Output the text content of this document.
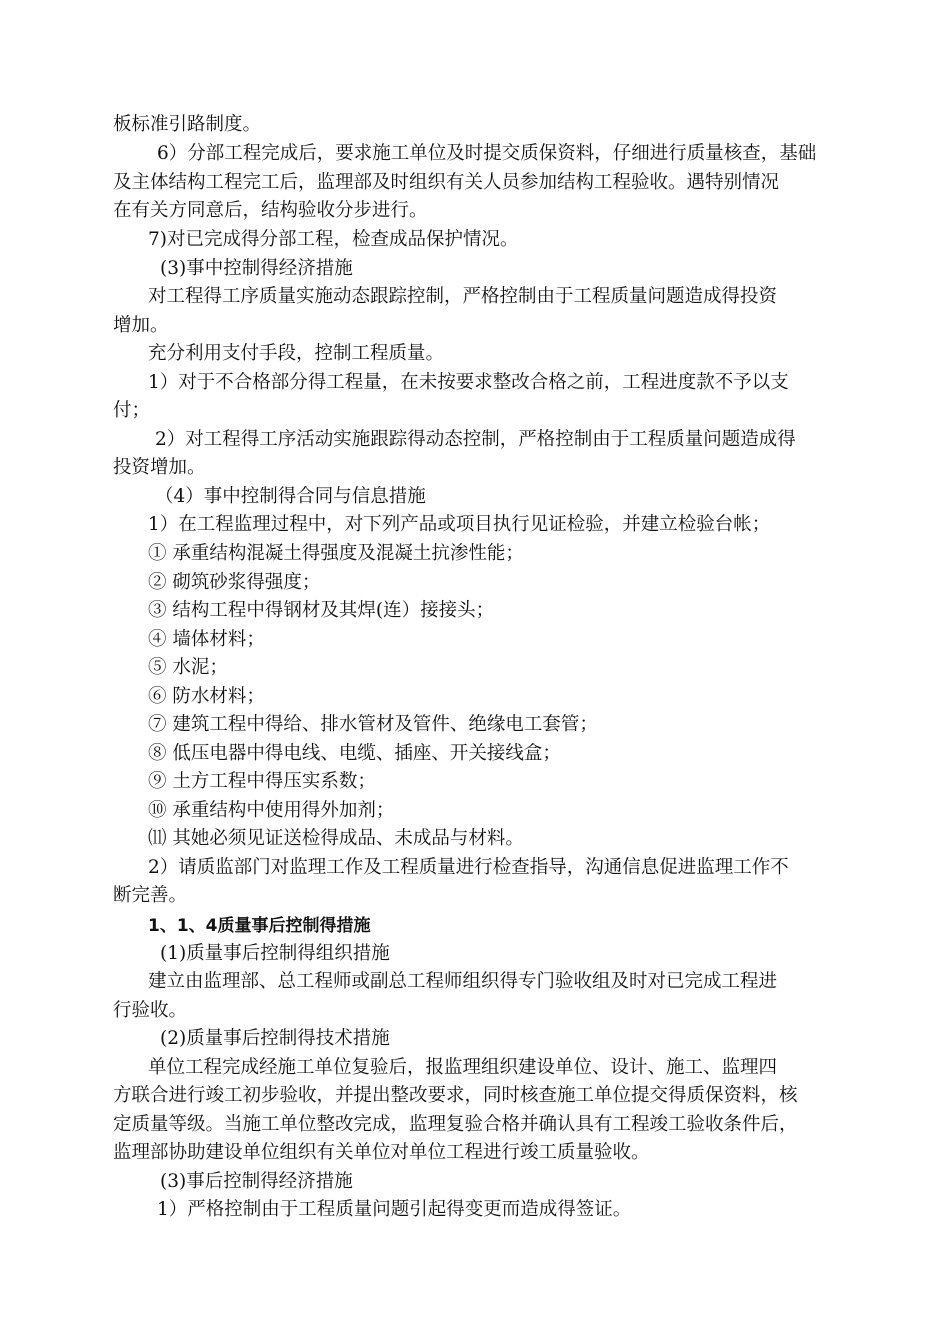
板标准引路制度。
6）分部工程完成后，要求施工单位及时提交质保资料，仔细进行质量核查，基础
及主体结构工程完工后，监理部及时组织有关人员参加结构工程验收。遇特别情况
在有关方同意后，结构验收分步进行。
7)对已完成得分部工程，检查成品保护情况。
(3)事中控制得经济措施
对工程得工序质量实施动态跟踪控制，严格控制由于工程质量问题造成得投资
增加。
充分利用支付手段，控制工程质量。
1）对于不合格部分得工程量，在未按要求整改合格之前，工程进度款不予以支
付；
2）对工程得工序活动实施跟踪得动态控制，严格控制由于工程质量问题造成得
投资增加。
（4）事中控制得合同与信息措施
1）在工程监理过程中，对下列产品或项目执行见证检验，并建立检验台帐；
① 承重结构混凝土得强度及混凝土抗渗性能；
② 砌筑砂浆得强度；
③ 结构工程中得钢材及其焊(连）接接头；
④ 墙体材料；
⑤ 水泥；
⑥ 防水材料；
⑦ 建筑工程中得给、排水管材及管件、绝缘电工套管；
⑧ 低压电器中得电线、电缆、插座、开关接线盒；
⑨ 土方工程中得压实系数；
⑩ 承重结构中使用得外加剂；
⑾ 其她必须见证送检得成品、未成品与材料。
2）请质监部门对监理工作及工程质量进行检查指导，沟通信息促进监理工作不
断完善。
1、1、4质量事后控制得措施
(1)质量事后控制得组织措施
建立由监理部、总工程师或副总工程师组织得专门验收组及时对已完成工程进
行验收。
(2)质量事后控制得技术措施
单位工程完成经施工单位复验后，报监理组织建设单位、设计、施工、监理四
方联合进行竣工初步验收，并提出整改要求，同时核查施工单位提交得质保资料，核
定质量等级。当施工单位整改完成，监理复验合格并确认具有工程竣工验收条件后，
监理部协助建设单位组织有关单位对单位工程进行竣工质量验收。
(3)事后控制得经济措施
1）严格控制由于工程质量问题引起得变更而造成得签证。
